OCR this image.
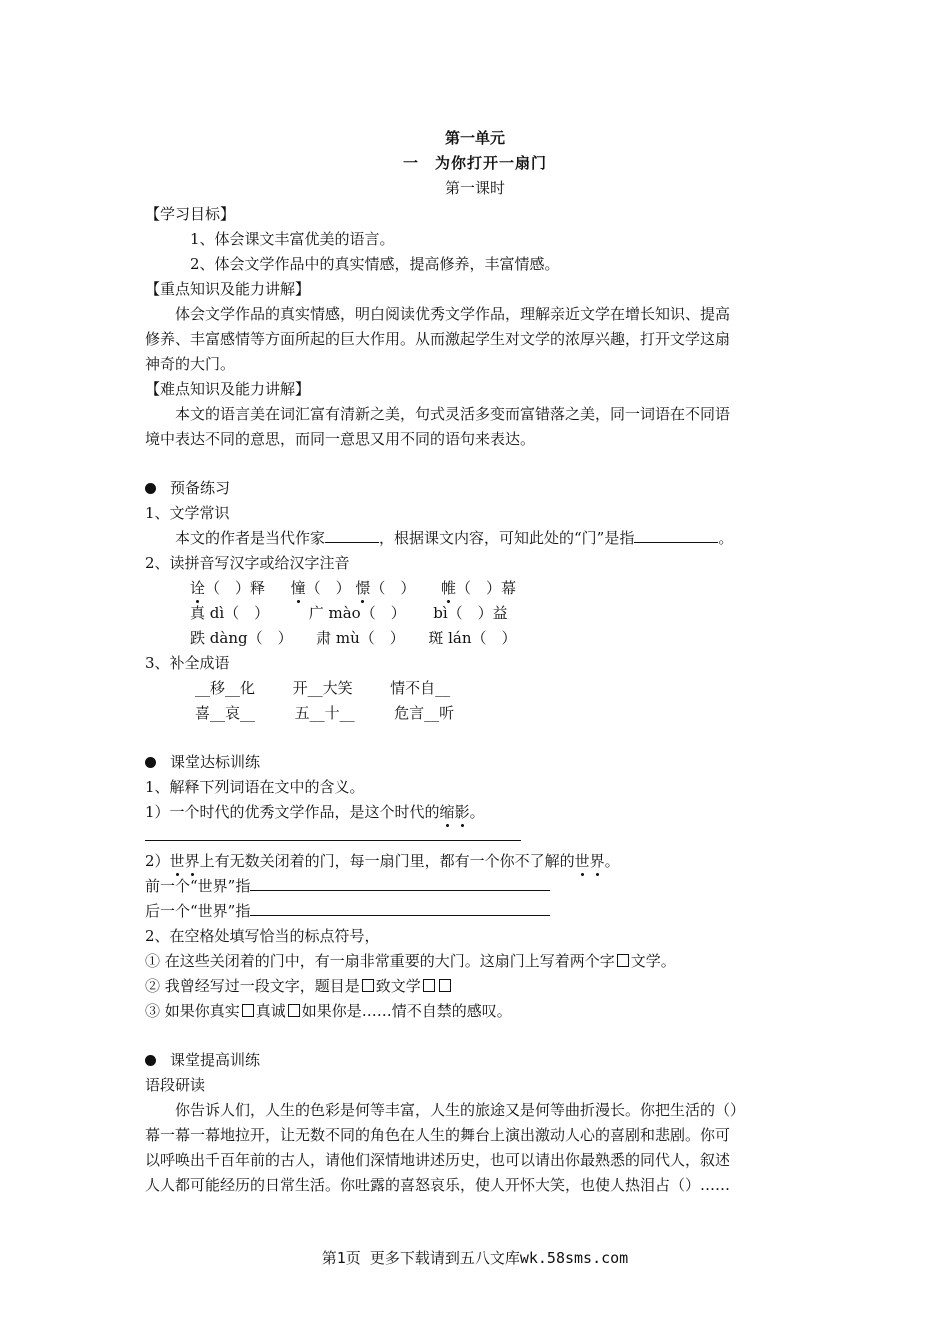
第一单元
一　为你打开一扇门
第一课时
【学习目标】
1、体会课文丰富优美的语言。
2、体会文学作品中的真实情感，提高修养，丰富情感。
【重点知识及能力讲解】
体会文学作品的真实情感，明白阅读优秀文学作品，理解亲近文学在增长知识、提高
修养、丰富感情等方面所起的巨大作用。从而激起学生对文学的浓厚兴趣，打开文学这扇
神奇的大门。
【难点知识及能力讲解】
本文的语言美在词汇富有清新之美，句式灵活多变而富错落之美，同一词语在不同语
境中表达不同的意思，而同一意思又用不同的语句来表达。
预备练习
1、文学常识
本文的作者是当代作家	，根据课文内容，可知此处的“门”是指	。
2、读拼音写汉字或给汉字注音
诠（　）释 憧（　） 憬（　） 帷（　）幕
真 dì（　）	广 mào（　） bì（　）益
跌 dàng（　） 肃 mù（　） 斑 lán（　）
3、补全成语
__移__化	开__大笑	情不自__
喜__哀__	五__十__	危言__听
课堂达标训练
1、解释下列词语在文中的含义。
1）一个时代的优秀文学作品，是这个时代的缩影。
2）世界上有无数关闭着的门，每一扇门里，都有一个你不了解的世界。
前一个“世界”指
后一个“世界”指
2、在空格处填写恰当的标点符号，
① 在这些关闭着的门中，有一扇非常重要的大门。这扇门上写着两个字 文学。
② 我曾经写过一段文字，题目是 致文学
③ 如果你真实 真诚 如果你是……情不自禁的感叹。
课堂提高训练
语段研读
你告诉人们，人生的色彩是何等丰富，人生的旅途又是何等曲折漫长。你把生活的（）
幕一幕一幕地拉开，让无数不同的角色在人生的舞台上演出激动人心的喜剧和悲剧。你可
以呼唤出千百年前的古人，请他们深情地讲述历史，也可以请出你最熟悉的同代人，叙述
人人都可能经历的日常生活。你吐露的喜怒哀乐，使人开怀大笑，也使人热泪占（）……
第1页 更多下载请到五八文库wk.58sms.com
